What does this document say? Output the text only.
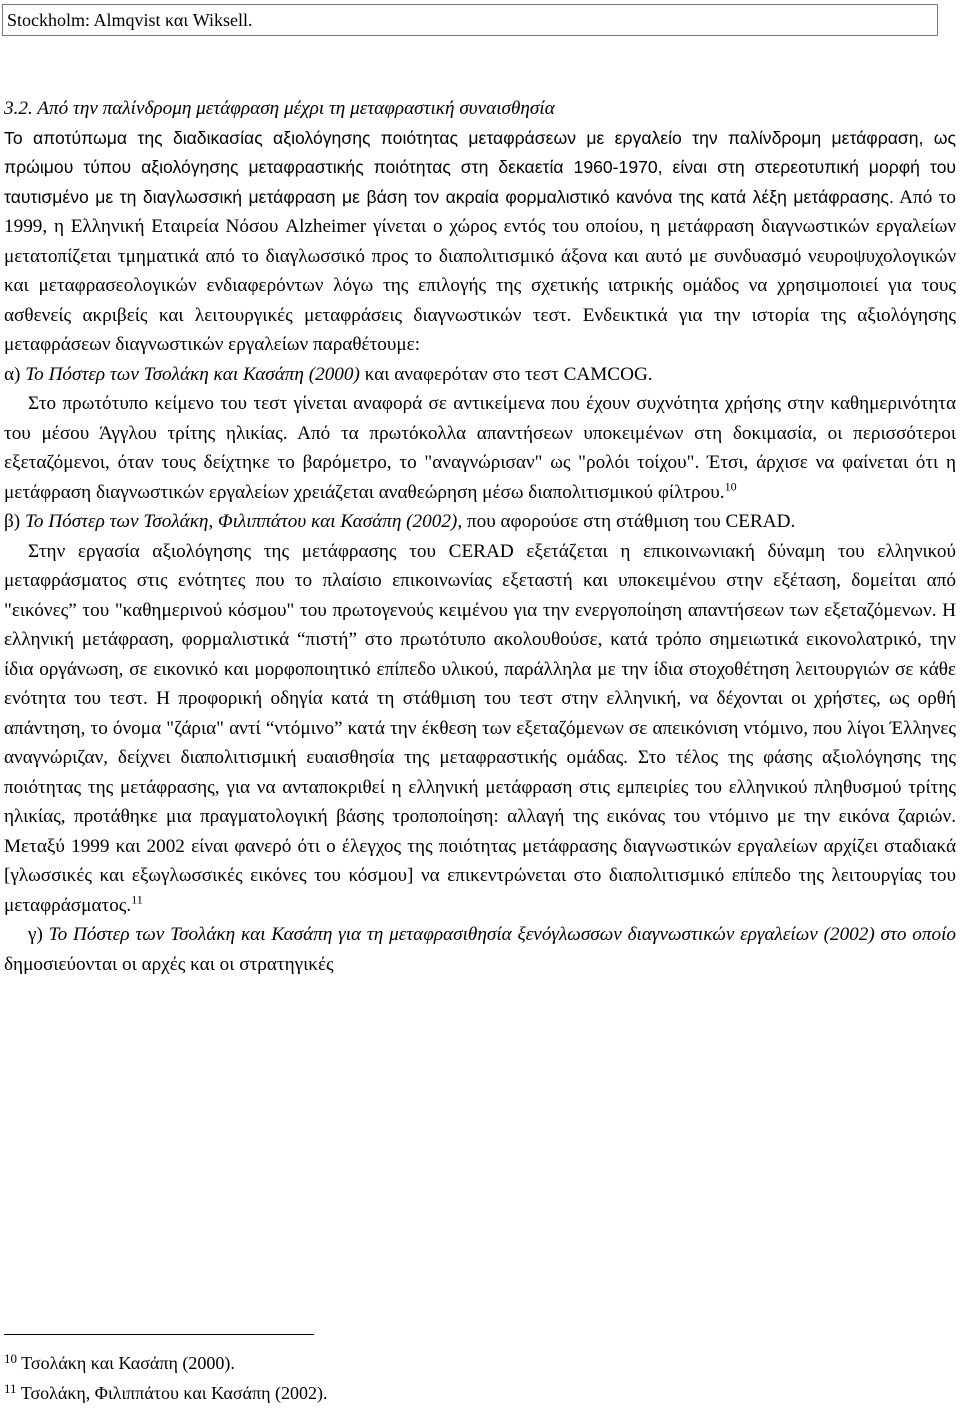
Stockholm: Almqvist και Wiksell.

3.2. Από την παλίνδρομη μετάφραση μέχρι τη μεταφραστική συναισθησία

Το αποτύπωμα της διαδικασίας αξιολόγησης ποιότητας μεταφράσεων με εργαλείο την παλίνδρομη μετάφραση, ως πρώιμου τύπου αξιολόγησης μεταφραστικής ποιότητας στη δεκαετία 1960-1970, είναι στη στερεοτυπική μορφή του ταυτισμένο με τη διαγλωσσική μετάφραση με βάση τον ακραία φορμαλιστικό κανόνα της κατά λέξη μετάφρασης. Από το 1999, η Ελληνική Εταιρεία Νόσου Alzheimer γίνεται ο χώρος εντός του οποίου, η μετάφραση διαγνωστικών εργαλείων μετατοπίζεται τμηματικά από το διαγλωσσικό προς το διαπολιτισμικό άξονα και αυτό με συνδυασμό νευροψυχολογικών και μεταφρασεολογικών ενδιαφερόντων λόγω της επιλογής της σχετικής ιατρικής ομάδος να χρησιμοποιεί για τους ασθενείς ακριβείς και λειτουργικές μεταφράσεις διαγνωστικών τεστ. Ενδεικτικά για την ιστορία της αξιολόγησης μεταφράσεων διαγνωστικών εργαλείων παραθέτουμε:

α) Το Πόστερ των Τσολάκη και Κασάπη (2000) και αναφερόταν στο τεστ CAMCOG.

Στο πρωτότυπο κείμενο του τεστ γίνεται αναφορά σε αντικείμενα που έχουν συχνότητα χρήσης στην καθημερινότητα του μέσου Άγγλου τρίτης ηλικίας. Από τα πρωτόκολλα απαντήσεων υποκειμένων στη δοκιμασία, οι περισσότεροι εξεταζόμενοι, όταν τους δείχτηκε το βαρόμετρο, το "αναγνώρισαν" ως "ρολόι τοίχου". Έτσι, άρχισε να φαίνεται ότι η μετάφραση διαγνωστικών εργαλείων χρειάζεται αναθεώρηση μέσω διαπολιτισμικού φίλτρου.$^{10}$

β) Το Πόστερ των Τσολάκη, Φιλιππάτου και Κασάπη (2002), που αφορούσε στη στάθμιση του CERAD.

Στην εργασία αξιολόγησης της μετάφρασης του CERAD εξετάζεται η επικοινωνιακή δύναμη του ελληνικού μεταφράσματος στις ενότητες που το πλαίσιο επικοινωνίας εξεταστή και υποκειμένου στην εξέταση, δομείται από "εικόνες” του "καθημερινού κόσμου" του πρωτογενούς κειμένου για την ενεργοποίηση απαντήσεων των εξεταζόμενων. Η ελληνική μετάφραση, φορμαλιστικά “πιστή” στο πρωτότυπο ακολουθούσε, κατά τρόπο σημειωτικά εικονολατρικό, την ίδια οργάνωση, σε εικονικό και μορφοποιητικό επίπεδο υλικού, παράλληλα με την ίδια στοχοθέτηση λειτουργιών σε κάθε ενότητα του τεστ. Η προφορική οδηγία κατά τη στάθμιση του τεστ στην ελληνική, να δέχονται οι χρήστες, ως ορθή απάντηση, το όνομα "ζάρια" αντί “ντόμινο” κατά την έκθεση των εξεταζόμενων σε απεικόνιση ντόμινο, που λίγοι Έλληνες αναγνώριζαν, δείχνει διαπολιτισμική ευαισθησία της μεταφραστικής ομάδας. Στο τέλος της φάσης αξιολόγησης της ποιότητας της μετάφρασης, για να ανταποκριθεί η ελληνική μετάφραση στις εμπειρίες του ελληνικού πληθυσμού τρίτης ηλικίας, προτάθηκε μια πραγματολογική βάσης τροποποίηση: αλλαγή της εικόνας του ντόμινο με την εικόνα ζαριών. Μεταξύ 1999 και 2002 είναι φανερό ότι ο έλεγχος της ποιότητας μετάφρασης διαγνωστικών εργαλείων αρχίζει σταδιακά [γλωσσικές και εξωγλωσσικές εικόνες του κόσμου] να επικεντρώνεται στο διαπολιτισμικό επίπεδο της λειτουργίας του μεταφράσματος.$^{11}$

γ) Το Πόστερ των Τσολάκη και Κασάπη για τη μεταφρασιθησία ξενόγλωσσων διαγνωστικών εργαλείων (2002) στο οποίο δημοσιεύονται οι αρχές και οι στρατηγικές

$^{10}$ Τσολάκη και Κασάπη (2000).
$^{11}$ Τσολάκη, Φιλιππάτου και Κασάπη (2002).
